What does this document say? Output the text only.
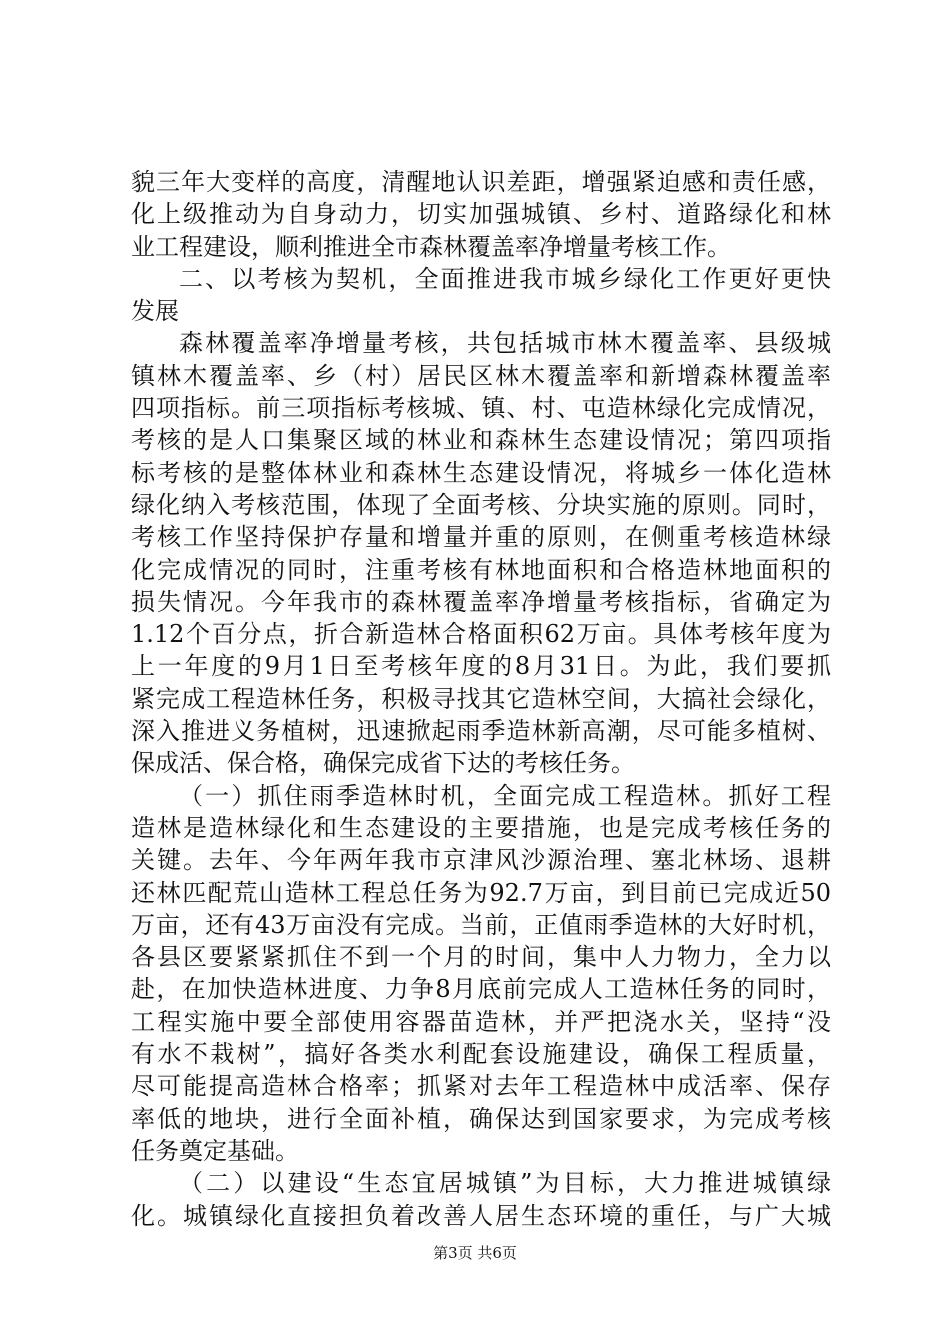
貌三年大变样的高度，清醒地认识差距，增强紧迫感和责任感，
化上级推动为自身动力，切实加强城镇、乡村、道路绿化和林
业工程建设，顺利推进全市森林覆盖率净增量考核工作。
二、以考核为契机，全面推进我市城乡绿化工作更好更快
发展
森林覆盖率净增量考核，共包括城市林木覆盖率、县级城
镇林木覆盖率、乡（村）居民区林木覆盖率和新增森林覆盖率
四项指标。前三项指标考核城、镇、村、屯造林绿化完成情况，
考核的是人口集聚区域的林业和森林生态建设情况；第四项指
标考核的是整体林业和森林生态建设情况，将城乡一体化造林
绿化纳入考核范围，体现了全面考核、分块实施的原则。同时，
考核工作坚持保护存量和增量并重的原则，在侧重考核造林绿
化完成情况的同时，注重考核有林地面积和合格造林地面积的
损失情况。今年我市的森林覆盖率净增量考核指标，省确定为
1.12个百分点，折合新造林合格面积62万亩。具体考核年度为
上一年度的9月1日至考核年度的8月31日。为此，我们要抓
紧完成工程造林任务，积极寻找其它造林空间，大搞社会绿化，
深入推进义务植树，迅速掀起雨季造林新高潮，尽可能多植树、
保成活、保合格，确保完成省下达的考核任务。
（一）抓住雨季造林时机，全面完成工程造林。抓好工程
造林是造林绿化和生态建设的主要措施，也是完成考核任务的
关键。去年、今年两年我市京津风沙源治理、塞北林场、退耕
还林匹配荒山造林工程总任务为92.7万亩，到目前已完成近50
万亩，还有43万亩没有完成。当前，正值雨季造林的大好时机，
各县区要紧紧抓住不到一个月的时间，集中人力物力，全力以
赴，在加快造林进度、力争8月底前完成人工造林任务的同时，
工程实施中要全部使用容器苗造林，并严把浇水关，坚持“没
有水不栽树”，搞好各类水利配套设施建设，确保工程质量，
尽可能提高造林合格率；抓紧对去年工程造林中成活率、保存
率低的地块，进行全面补植，确保达到国家要求，为完成考核
任务奠定基础。
（二）以建设“生态宜居城镇”为目标，大力推进城镇绿
化。城镇绿化直接担负着改善人居生态环境的重任，与广大城
第3页 共6页
